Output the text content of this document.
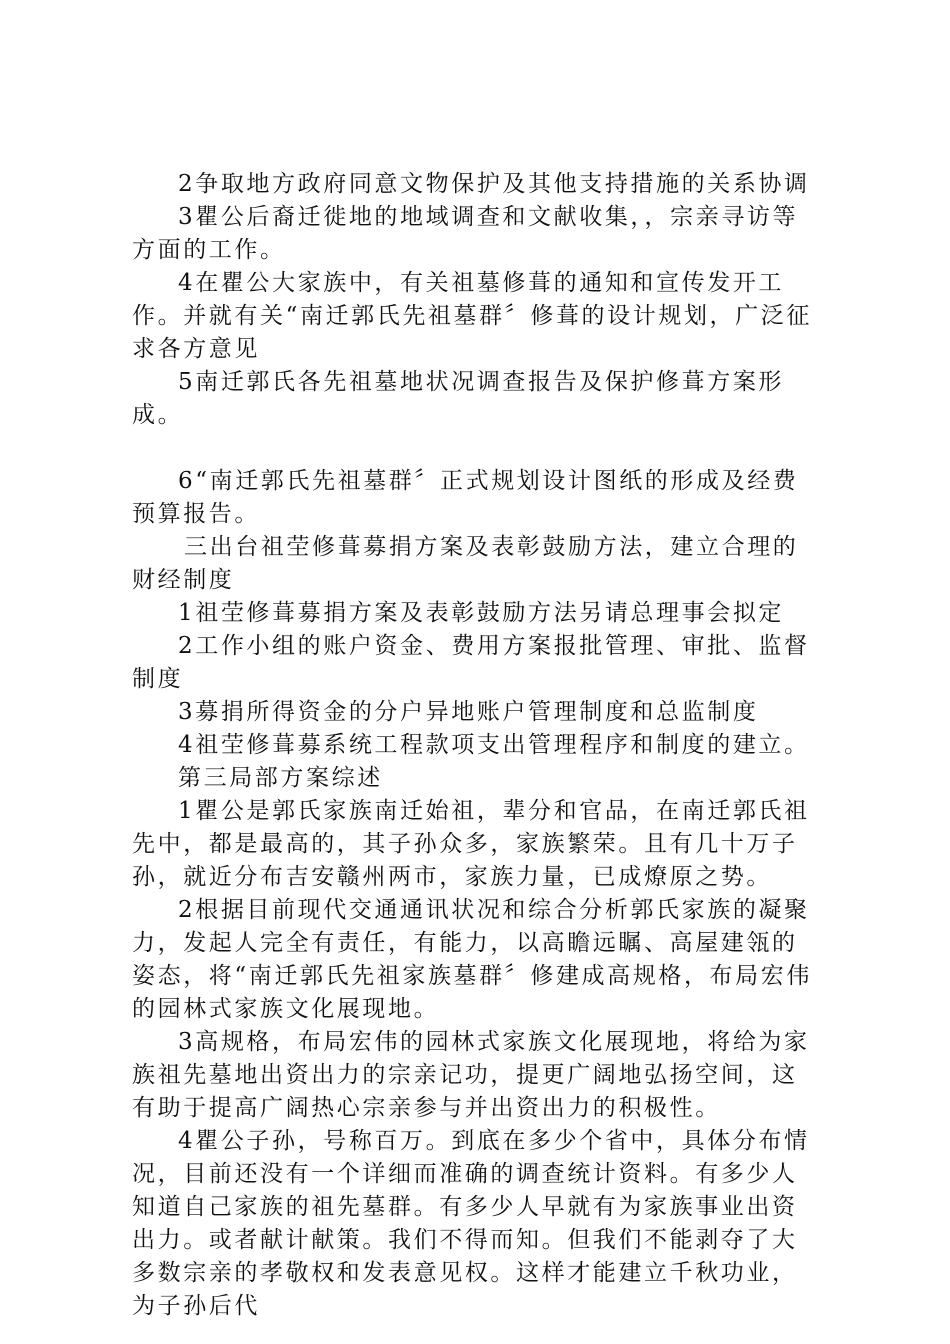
2争取地方政府同意文物保护及其他支持措施的关系协调

3瞿公后裔迁徙地的地域调查和文献收集，，宗亲寻访等方面的工作。

4在瞿公大家族中，有关祖墓修葺的通知和宣传发开工作。并就有关“南迁郭氏先祖墓群〞修葺的设计规划，广泛征求各方意见

5南迁郭氏各先祖墓地状况调查报告及保护修葺方案形成。

6“南迁郭氏先祖墓群〞正式规划设计图纸的形成及经费预算报告。

三出台祖茔修葺募捐方案及表彰鼓励方法，建立合理的财经制度

1祖茔修葺募捐方案及表彰鼓励方法另请总理事会拟定

2工作小组的账户资金、费用方案报批管理、审批、监督制度

3募捐所得资金的分户异地账户管理制度和总监制度

4祖茔修葺募系统工程款项支出管理程序和制度的建立。

第三局部方案综述

1瞿公是郭氏家族南迁始祖，辈分和官品，在南迁郭氏祖先中，都是最高的，其子孙众多，家族繁荣。且有几十万子孙，就近分布吉安赣州两市，家族力量，已成燎原之势。

2根据目前现代交通通讯状况和综合分析郭氏家族的凝聚力，发起人完全有责任，有能力，以高瞻远瞩、高屋建瓴的姿态，将“南迁郭氏先祖家族墓群〞修建成高规格，布局宏伟的园林式家族文化展现地。

3高规格，布局宏伟的园林式家族文化展现地，将给为家族祖先墓地出资出力的宗亲记功，提更广阔地弘扬空间，这有助于提高广阔热心宗亲参与并出资出力的积极性。

4瞿公子孙，号称百万。到底在多少个省中，具体分布情况，目前还没有一个详细而准确的调查统计资料。有多少人知道自己家族的祖先墓群。有多少人早就有为家族事业出资出力。或者献计献策。我们不得而知。但我们不能剥夺了大多数宗亲的孝敬权和发表意见权。这样才能建立千秋功业，为子孙后代
